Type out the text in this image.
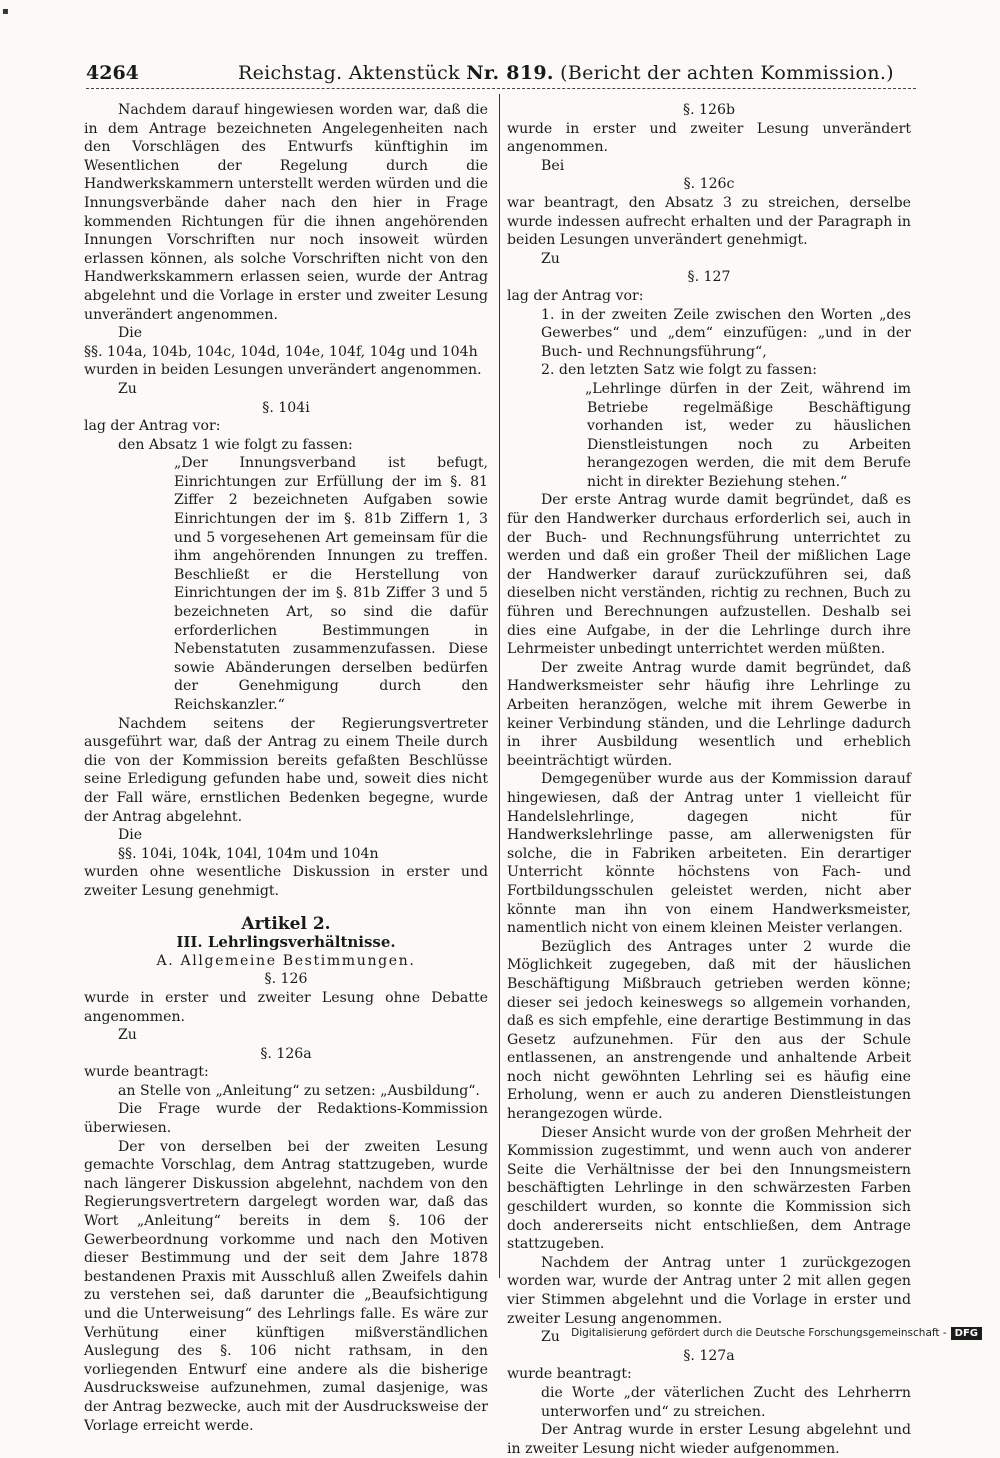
▪
4264	Reichstag. Aktenstück Nr. 819. (Bericht der achten Kommission.)

Nachdem darauf hingewiesen worden war, daß die in dem Antrage bezeichneten Angelegenheiten nach den Vorschlägen des Entwurfs künftighin im Wesentlichen der Regelung durch die Handwerkskammern unterstellt werden würden und die Innungsverbände daher nach den hier in Frage kommenden Richtungen für die ihnen angehörenden Innungen Vorschriften nur noch insoweit würden erlassen können, als solche Vorschriften nicht von den Handwerkskammern erlassen seien, wurde der Antrag abgelehnt und die Vorlage in erster und zweiter Lesung unverändert angenommen.

Die

§§. 104a, 104b, 104c, 104d, 104e, 104f, 104g und 104h

wurden in beiden Lesungen unverändert angenommen.

Zu

§. 104i

lag der Antrag vor:

den Absatz 1 wie folgt zu fassen:

„Der Innungsverband ist befugt, Einrichtungen zur Erfüllung der im §. 81 Ziffer 2 bezeichneten Aufgaben sowie Einrichtungen der im §. 81b Ziffern 1, 3 und 5 vorgesehenen Art gemeinsam für die ihm angehörenden Innungen zu treffen. Beschließt er die Herstellung von Einrichtungen der im §. 81b Ziffer 3 und 5 bezeichneten Art, so sind die dafür erforderlichen Bestimmungen in Nebenstatuten zusammenzufassen. Diese sowie Abänderungen derselben bedürfen der Genehmigung durch den Reichskanzler.“

Nachdem seitens der Regierungsvertreter ausgeführt war, daß der Antrag zu einem Theile durch die von der Kommission bereits gefaßten Beschlüsse seine Erledigung gefunden habe und, soweit dies nicht der Fall wäre, ernstlichen Bedenken begegne, wurde der Antrag abgelehnt.

Die

§§. 104i, 104k, 104l, 104m und 104n

wurden ohne wesentliche Diskussion in erster und zweiter Lesung genehmigt.

Artikel 2.

III. Lehrlingsverhältnisse.

A. Allgemeine Bestimmungen.

§. 126

wurde in erster und zweiter Lesung ohne Debatte angenommen.

Zu

§. 126a

wurde beantragt:

an Stelle von „Anleitung“ zu setzen: „Ausbildung“.

Die Frage wurde der Redaktions-Kommission überwiesen.

Der von derselben bei der zweiten Lesung gemachte Vorschlag, dem Antrag stattzugeben, wurde nach längerer Diskussion abgelehnt, nachdem von den Regierungsvertretern dargelegt worden war, daß das Wort „Anleitung“ bereits in dem §. 106 der Gewerbeordnung vorkomme und nach den Motiven dieser Bestimmung und der seit dem Jahre 1878 bestandenen Praxis mit Ausschluß allen Zweifels dahin zu verstehen sei, daß darunter die „Beaufsichtigung und die Unterweisung“ des Lehrlings falle. Es wäre zur Verhütung einer künftigen mißverständlichen Auslegung des §. 106 nicht rathsam, in den vorliegenden Entwurf eine andere als die bisherige Ausdrucksweise aufzunehmen, zumal dasjenige, was der Antrag bezwecke, auch mit der Ausdrucksweise der Vorlage erreicht werde.

§. 126b

wurde in erster und zweiter Lesung unverändert angenommen.

Bei

§. 126c

war beantragt, den Absatz 3 zu streichen, derselbe wurde indessen aufrecht erhalten und der Paragraph in beiden Lesungen unverändert genehmigt.

Zu

§. 127

lag der Antrag vor:

1. in der zweiten Zeile zwischen den Worten „des Gewerbes“ und „dem“ einzufügen: „und in der Buch- und Rechnungsführung“,

2. den letzten Satz wie folgt zu fassen:

„Lehrlinge dürfen in der Zeit, während im Betriebe regelmäßige Beschäftigung vorhanden ist, weder zu häuslichen Dienstleistungen noch zu Arbeiten herangezogen werden, die mit dem Berufe nicht in direkter Beziehung stehen.“

Der erste Antrag wurde damit begründet, daß es für den Handwerker durchaus erforderlich sei, auch in der Buch- und Rechnungsführung unterrichtet zu werden und daß ein großer Theil der mißlichen Lage der Handwerker darauf zurückzuführen sei, daß dieselben nicht verständen, richtig zu rechnen, Buch zu führen und Berechnungen aufzustellen. Deshalb sei dies eine Aufgabe, in der die Lehrlinge durch ihre Lehrmeister unbedingt unterrichtet werden müßten.

Der zweite Antrag wurde damit begründet, daß Handwerksmeister sehr häufig ihre Lehrlinge zu Arbeiten heranzögen, welche mit ihrem Gewerbe in keiner Verbindung ständen, und die Lehrlinge dadurch in ihrer Ausbildung wesentlich und erheblich beeinträchtigt würden.

Demgegenüber wurde aus der Kommission darauf hingewiesen, daß der Antrag unter 1 vielleicht für Handelslehrlinge, dagegen nicht für Handwerkslehrlinge passe, am allerwenigsten für solche, die in Fabriken arbeiteten. Ein derartiger Unterricht könnte höchstens von Fach- und Fortbildungsschulen geleistet werden, nicht aber könnte man ihn von einem Handwerksmeister, namentlich nicht von einem kleinen Meister verlangen.

Bezüglich des Antrages unter 2 wurde die Möglichkeit zugegeben, daß mit der häuslichen Beschäftigung Mißbrauch getrieben werden könne; dieser sei jedoch keineswegs so allgemein vorhanden, daß es sich empfehle, eine derartige Bestimmung in das Gesetz aufzunehmen. Für den aus der Schule entlassenen, an anstrengende und anhaltende Arbeit noch nicht gewöhnten Lehrling sei es häufig eine Erholung, wenn er auch zu anderen Dienstleistungen herangezogen würde.

Dieser Ansicht wurde von der großen Mehrheit der Kommission zugestimmt, und wenn auch von anderer Seite die Verhältnisse der bei den Innungsmeistern beschäftigten Lehrlinge in den schwärzesten Farben geschildert wurden, so konnte die Kommission sich doch andererseits nicht entschließen, dem Antrage stattzugeben.

Nachdem der Antrag unter 1 zurückgezogen worden war, wurde der Antrag unter 2 mit allen gegen vier Stimmen abgelehnt und die Vorlage in erster und zweiter Lesung angenommen.

Zu

§. 127a

wurde beantragt:

die Worte „der väterlichen Zucht des Lehrherrn unterworfen und“ zu streichen.

Der Antrag wurde in erster Lesung abgelehnt und in zweiter Lesung nicht wieder aufgenommen.

Digitalisierung gefördert durch die Deutsche Forschungsgemeinschaft - DFG
